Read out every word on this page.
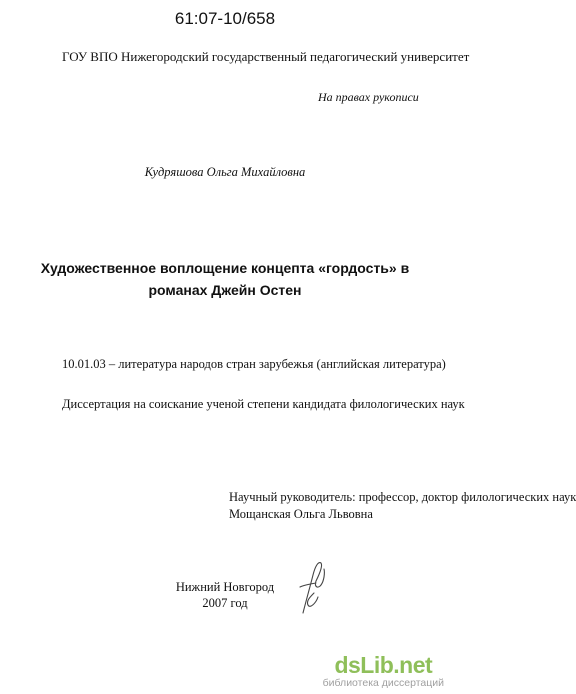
61:07-10/658
ГОУ ВПО Нижегородский государственный педагогический университет
На правах рукописи
Кудряшова Ольга Михайловна
Художественное воплощение концепта «гордость» в
романах Джейн Остен
10.01.03 – литература народов стран зарубежья (английская литература)
Диссертация на соискание ученой степени кандидата филологических наук
Научный руководитель: профессор, доктор филологических наук
Мощанская Ольга Львовна
Нижний Новгород
2007 год
dsLib.net
библиотека диссертаций
